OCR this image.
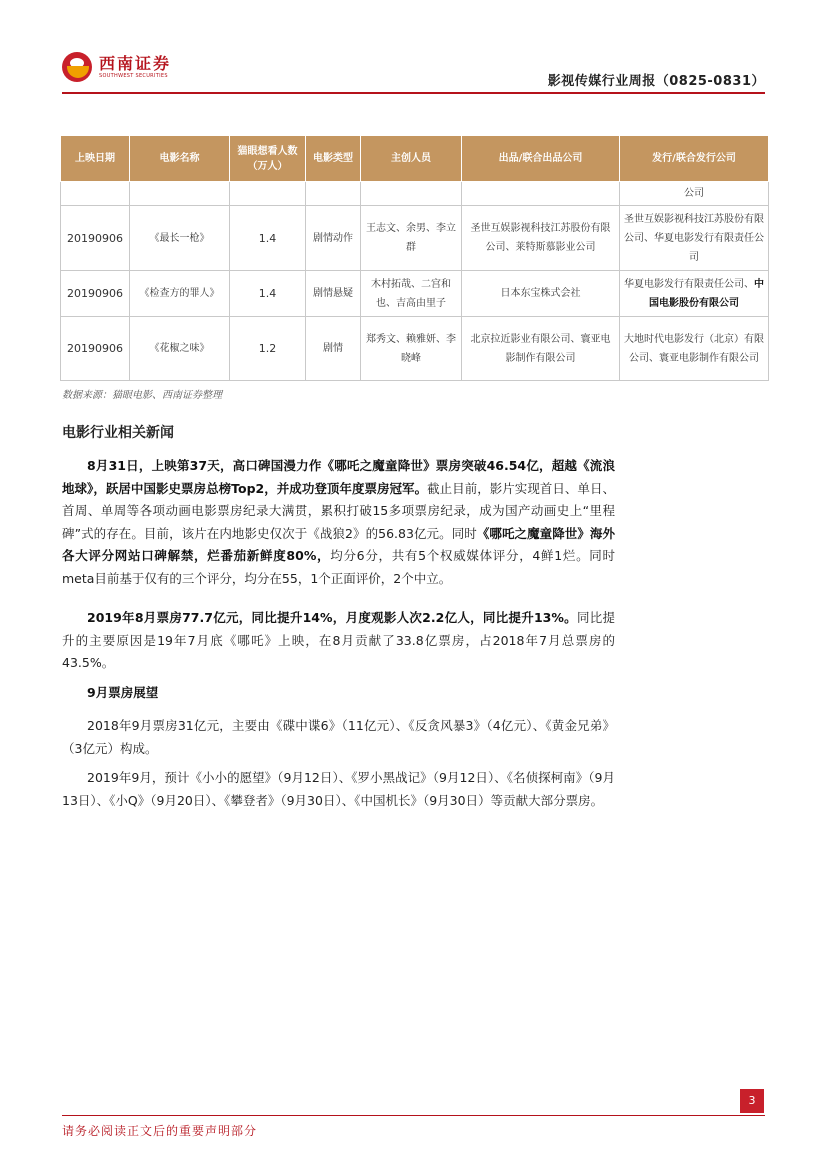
西南证券
SOUTHWEST SECURITIES	影视传媒行业周报（0825-0831）
上映日期	电影名称	猫眼想看人数（万人）	电影类型	主创人员	出品/联合出品公司	发行/联合发行公司
						公司
20190906	《最长一枪》	1.4	剧情动作	王志文、余男、李立群	圣世互娱影视科技江苏股份有限公司、莱特斯慕影业公司	圣世互娱影视科技江苏股份有限公司、华夏电影发行有限责任公司
20190906	《检查方的罪人》	1.4	剧情悬疑	木村拓哉、二宫和也、吉高由里子	日本东宝株式会社	华夏电影发行有限责任公司、中国电影股份有限公司
20190906	《花椒之味》	1.2	剧情	郑秀文、赖雅妍、李晓峰	北京拉近影业有限公司、寰亚电影制作有限公司	大地时代电影发行（北京）有限公司、寰亚电影制作有限公司
数据来源：猫眼电影、西南证券整理
电影行业相关新闻
8月31日，上映第37天，高口碑国漫力作《哪吒之魔童降世》票房突破46.54亿，超越《流浪地球》，跃居中国影史票房总榜Top2，并成功登顶年度票房冠军。截止目前，影片实现首日、单日、首周、单周等各项动画电影票房纪录大满贯，累积打破15多项票房纪录，成为国产动画史上“里程碑”式的存在。目前，该片在内地影史仅次于《战狼2》的56.83亿元。同时《哪吒之魔童降世》海外各大评分网站口碑解禁，烂番茄新鲜度80%，均分6分，共有5个权威媒体评分，4鲜1烂。同时meta目前基于仅有的三个评分，均分在55，1个正面评价，2个中立。
2019年8月票房77.7亿元，同比提升14%，月度观影人次2.2亿人，同比提升13%。同比提升的主要原因是19年7月底《哪吒》上映，在8月贡献了33.8亿票房，占2018年7月总票房的43.5%。
9月票房展望
2018年9月票房31亿元，主要由《碟中谍6》（11亿元）、《反贪风暴3》（4亿元）、《黄金兄弟》（3亿元）构成。
2019年9月，预计《小小的愿望》（9月12日）、《罗小黑战记》（9月12日）、《名侦探柯南》（9月13日）、《小Q》（9月20日）、《攀登者》（9月30日）、《中国机长》（9月30日）等贡献大部分票房。
3
请务必阅读正文后的重要声明部分
